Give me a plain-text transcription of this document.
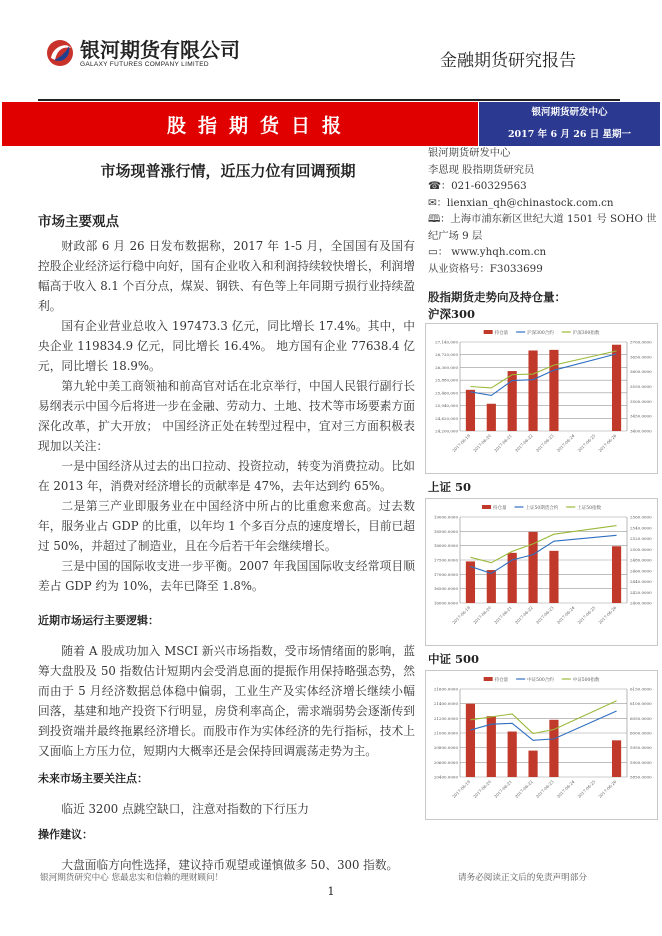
银河期货有限公司
GALAXY FUTURES COMPANY LIMITED	金融期货研究报告
股指期货日报
银河期货研发中心
2017 年 6 月 26 日 星期一
市场现普涨行情，近压力位有回调预期
银河期货研发中心
李恩现 股指期货研究员
☎：021-60329563
✉：lienxian_qh@chinastock.com.cn
🕮：上海市浦东新区世纪大道 1501 号 SOHO 世纪广场 9 层
▭： www.yhqh.com.cn
从业资格号：F3033699
股指期货走势向及持仓量：
沪深300
持仓量	沪深300合约	沪深300指数
24,200,000
24,620,000
25,040,000
25,460,000
25,880,000
26,300,000
26,720,000
27,140,000
3400.0000
3450.0000
3500.0000
3550.0000
3600.0000
3650.0000
3700.0000
2017-06-19 2017-06-20 2017-06-21 2017-06-22 2017-06-23 2017-06-24 2017-06-25 2017-06-26
上证 50
持仓量	上证50期货合约	上证50指数
16000.0000
16500.0000
17000.0000
17500.0000
18000.0000
18500.0000
19000.0000
2400.0000
2420.0000
2440.0000
2460.0000
2480.0000
2500.0000
2520.0000
2540.0000
2560.0000
2017-06-19 2017-06-20 2017-06-21 2017-06-22 2017-06-23 2017-06-24 2017-06-25 2017-06-26
中证 500
持仓量	中证500合约	中证500指数
20400.0000
20600.0000
20800.0000
21000.0000
21200.0000
21400.0000
21600.0000
5850.0000
5900.0000
5950.0000
6000.0000
6050.0000
6100.0000
6150.0000
2017-06-19 2017-06-20 2017-06-21 2017-06-22 2017-06-23 2017-06-24 2017-06-25 2017-06-26
市场主要观点

财政部 6 月 26 日发布数据称，2017 年 1-5 月，全国国有及国有控股企业经济运行稳中向好，国有企业收入和利润持续较快增长，利润增幅高于收入 8.1 个百分点，煤炭、钢铁、有色等上年同期亏损行业持续盈利。

国有企业营业总收入 197473.3 亿元，同比增长 17.4%。其中，中央企业 119834.9 亿元，同比增长 16.4%。 地方国有企业 77638.4 亿元，同比增长 18.9%。

第九轮中美工商领袖和前高官对话在北京举行，中国人民银行副行长易纲表示中国今后将进一步在金融、劳动力、土地、技术等市场要素方面深化改革，扩大开放； 中国经济正处在转型过程中，宜对三方面积极表现加以关注：

一是中国经济从过去的出口拉动、投资拉动，转变为消费拉动。比如在 2013 年，消费对经济增长的贡献率是 47%，去年达到约 65%。

二是第三产业即服务业在中国经济中所占的比重愈来愈高。过去数年，服务业占 GDP 的比重，以年均 1 个多百分点的速度增长，目前已超过 50%，并超过了制造业，且在今后若干年会继续增长。

三是中国的国际收支进一步平衡。2007 年我国国际收支经常项目顺差占 GDP 约为 10%，去年已降至 1.8%。

近期市场运行主要逻辑：
随着 A 股成功加入 MSCI 新兴市场指数，受市场情绪面的影响，蓝筹大盘股及 50 指数估计短期内会受消息面的提振作用保持略强态势，然而由于 5 月经济数据总体稳中偏弱，工业生产及实体经济增长继续小幅回落，基建和地产投资下行明显，房贷利率高企，需求端弱势会逐渐传到到投资端并最终拖累经济增长。而股市作为实体经济的先行指标，技术上又面临上方压力位，短期内大概率还是会保持回调震荡走势为主。
未来市场主要关注点：
临近 3200 点跳空缺口，注意对指数的下行压力
操作建议：
大盘面临方向性选择，建议持币观望或谨慎做多 50、300 指数。
银河期货研究中心 您最忠实和信赖的理财顾问！	请务必阅读正文后的免责声明部分
1
